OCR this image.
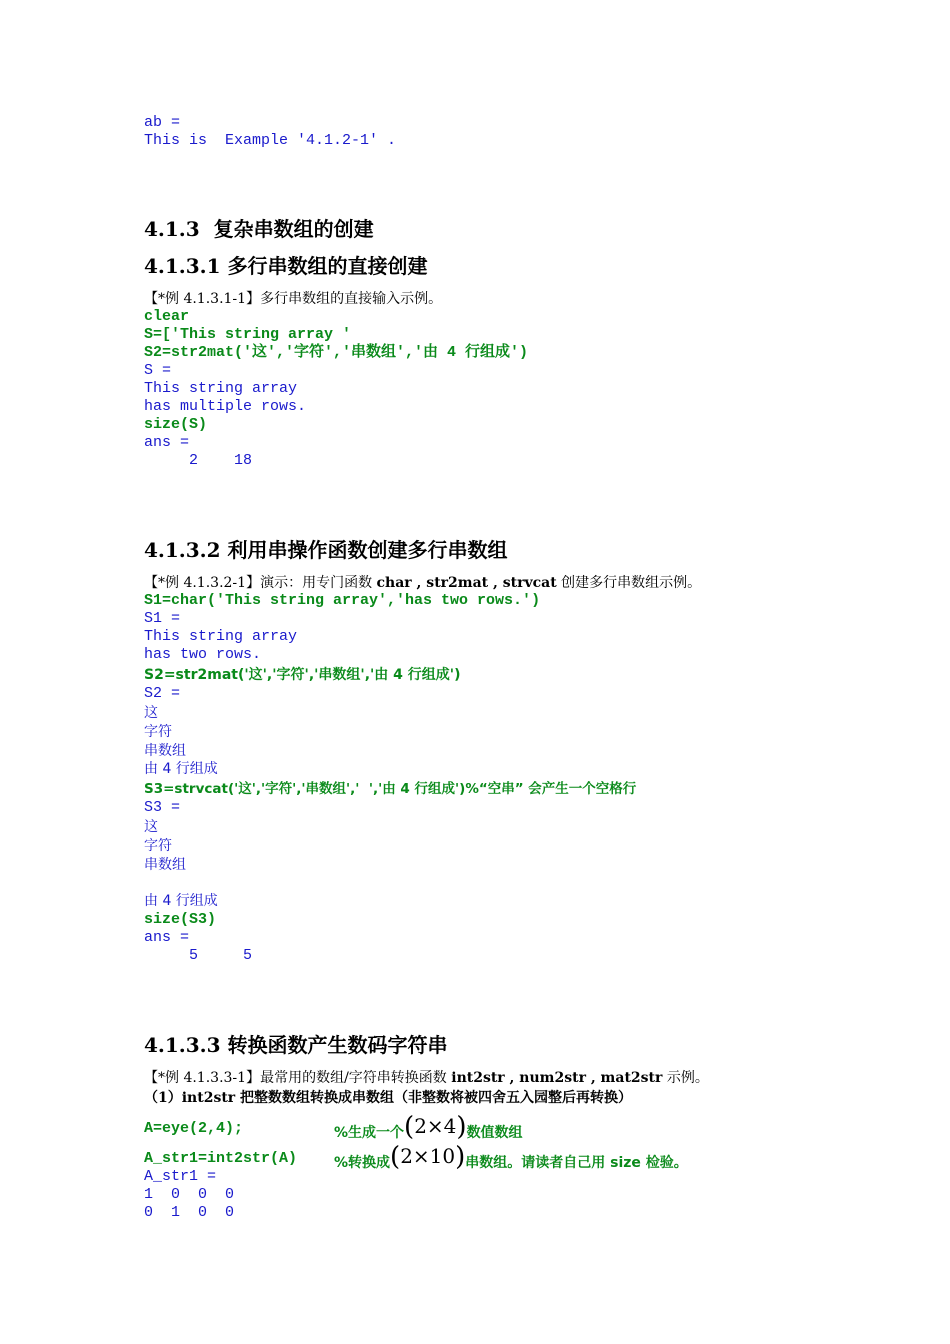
ab =
This is  Example '4.1.2-1' .
4.1.3  复杂串数组的创建
4.1.3.1 多行串数组的直接创建
【*例 4.1.3.1-1】多行串数组的直接输入示例。
clear
S=['This string array '
S2=str2mat('这','字符','串数组','由 4 行组成')
S =
This string array
has multiple rows.
size(S)
ans =
2    18
4.1.3.2 利用串操作函数创建多行串数组
【*例 4.1.3.2-1】演示：用专门函数 char , str2mat , strvcat 创建多行串数组示例。
S1=char('This string array','has two rows.')
S1 =
This string array
has two rows.
S2=str2mat('这','字符','串数组','由 4 行组成')
S2 =
这
字符
串数组
由 4 行组成
S3=strvcat('这','字符','串数组','  ','由 4 行组成')%“空串” 会产生一个空格行
S3 =
这
字符
串数组
由 4 行组成
size(S3)
ans =
5     5
4.1.3.3 转换函数产生数码字符串
【*例 4.1.3.3-1】最常用的数组/字符串转换函数 int2str , num2str , mat2str 示例。
（1）int2str 把整数数组转换成串数组（非整数将被四舍五入园整后再转换）
A=eye(2,4);	%生成一个(2×4)数值数组
A_str1=int2str(A)	%转换成(2×10)串数组。请读者自己用 size 检验。
A_str1 =
1  0  0  0
0  1  0  0
